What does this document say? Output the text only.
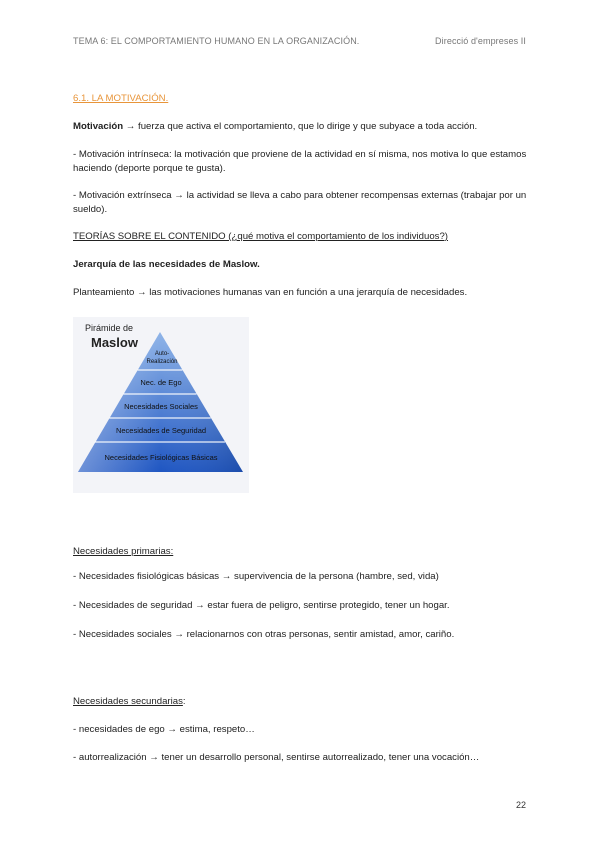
TEMA 6: EL COMPORTAMIENTO HUMANO EN LA ORGANIZACIÓN.	Direcció d'empreses II

6.1. LA MOTIVACIÓN.

Motivación → fuerza que activa el comportamiento, que lo dirige y que subyace a toda acción.

- Motivación intrínseca: la motivación que proviene de la actividad en sí misma, nos motiva lo que estamos haciendo (deporte porque te gusta).

- Motivación extrínseca → la actividad se lleva a cabo para obtener recompensas externas (trabajar por un sueldo).

TEORÍAS SOBRE EL CONTENIDO (¿qué motiva el comportamiento de los individuos?)

Jerarquía de las necesidades de Maslow.

Planteamiento → las motivaciones humanas van en función a una jerarquía de necesidades.

Pirámide de
Maslow
Auto-
Realización
Nec. de Ego
Necesidades Sociales
Necesidades de Seguridad
Necesidades Fisiológicas Básicas

Necesidades primarias:

- Necesidades fisiológicas básicas → supervivencia de la persona (hambre, sed, vida)

- Necesidades de seguridad → estar fuera de peligro, sentirse protegido, tener un hogar.

- Necesidades sociales → relacionarnos con otras personas, sentir amistad, amor, cariño.

Necesidades secundarias:

- necesidades de ego → estima, respeto…

- autorrealización → tener un desarrollo personal, sentirse autorrealizado, tener una vocación…

22
